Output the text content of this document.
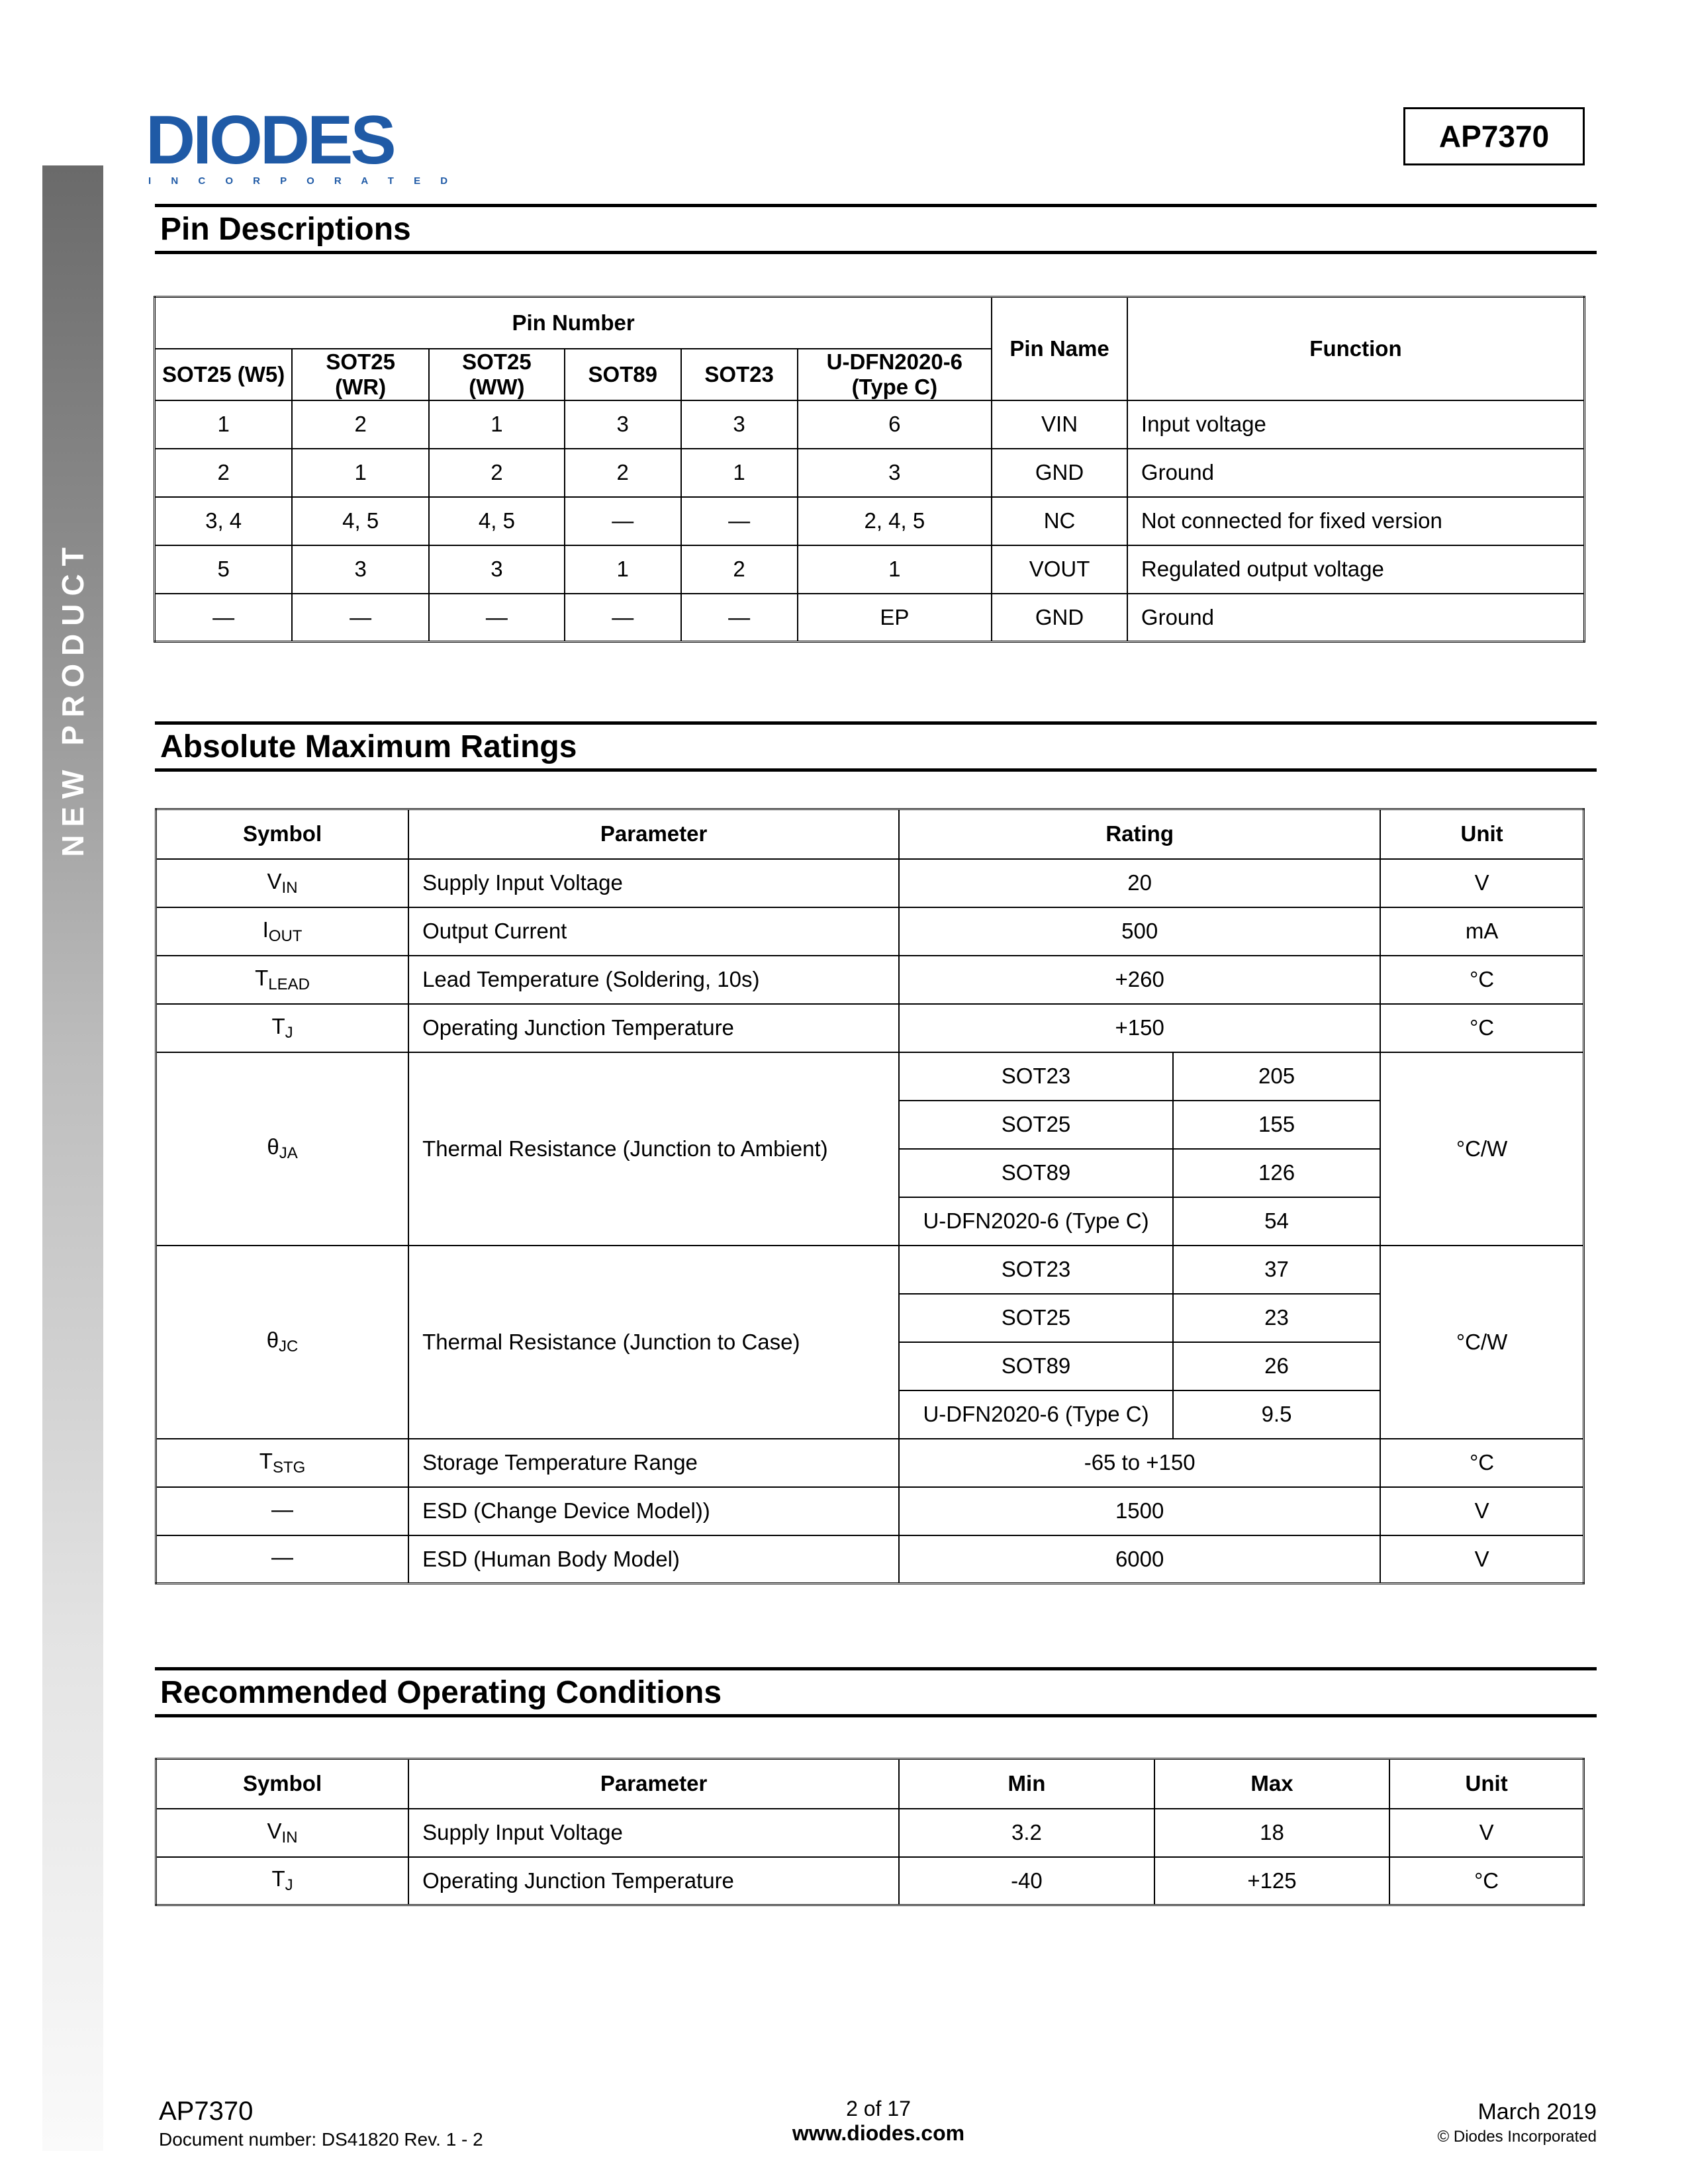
NEW PRODUCT
DIODES
I N C O R P O R A T E D
AP7370
Pin Descriptions
Pin Number						Pin Name	Function
SOT25 (W5)	SOT25 (WR)	SOT25 (WW)	SOT89	SOT23	U-DFN2020-6 (Type C)		
1	2	1	3	3	6	VIN	Input voltage
2	1	2	2	1	3	GND	Ground
3, 4	4, 5	4, 5	—	—	2, 4, 5	NC	Not connected for fixed version
5	3	3	1	2	1	VOUT	Regulated output voltage
—	—	—	—	—	EP	GND	Ground
Absolute Maximum Ratings
Symbol	Parameter	Rating		Unit
$V_{IN}$	Supply Input Voltage	20		V
$I_{OUT}$	Output Current	500		mA
$T_{LEAD}$	Lead Temperature (Soldering, 10s)	+260		°C
$T_J$	Operating Junction Temperature	+150		°C
$\theta_{JA}$	Thermal Resistance (Junction to Ambient)	SOT23	205	°C/W
		SOT25	155	
		SOT89	126	
		U-DFN2020-6 (Type C)	54	
$\theta_{JC}$	Thermal Resistance (Junction to Case)	SOT23	37	°C/W
		SOT25	23	
		SOT89	26	
		U-DFN2020-6 (Type C)	9.5	
$T_{STG}$	Storage Temperature Range	-65 to +150		°C
—	ESD (Change Device Model))	1500		V
—	ESD (Human Body Model)	6000		V
Recommended Operating Conditions
Symbol	Parameter	Min	Max	Unit
$V_{IN}$	Supply Input Voltage	3.2	18	V
$T_J$	Operating Junction Temperature	-40	+125	°C
AP7370
Document number: DS41820 Rev. 1 - 2
2 of 17
www.diodes.com
March 2019
© Diodes Incorporated
